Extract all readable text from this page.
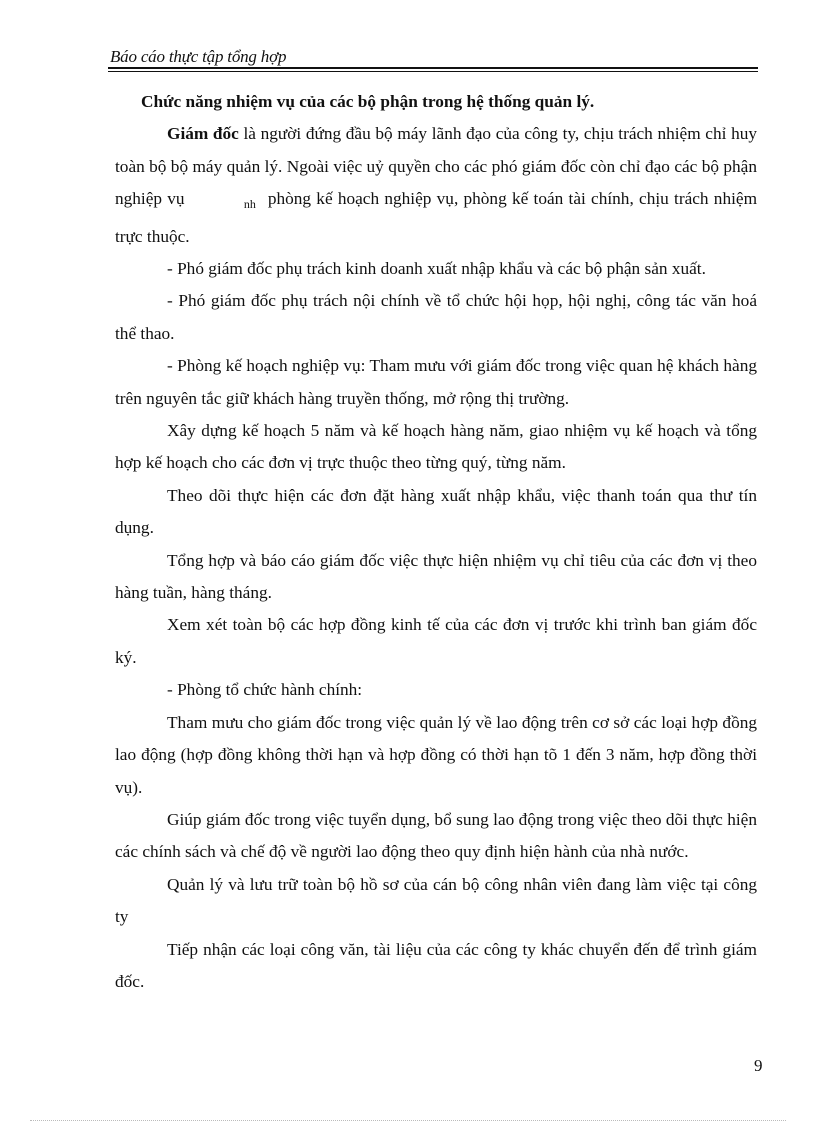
Báo cáo thực tập tổng hợp
Chức năng nhiệm vụ của các bộ phận trong hệ thống quản lý.

Giám đốc là người đứng đầu bộ máy lãnh đạo của công ty, chịu trách nhiệm chỉ huy toàn bộ bộ máy quản lý. Ngoài việc uỷ quyền cho các phó giám đốc còn chỉ đạo các bộ phận nghiệp vụ	nh phòng kế hoạch nghiệp vụ, phòng kế toán tài chính, chịu trách nhiệm trực thuộc.

- Phó giám đốc phụ trách kinh doanh xuất nhập khẩu và các bộ phận sản xuất.

- Phó giám đốc phụ trách nội chính về tổ chức hội họp, hội nghị, công tác văn hoá thể thao.

- Phòng kế hoạch nghiệp vụ: Tham mưu với giám đốc trong việc quan hệ khách hàng trên nguyên tắc giữ khách hàng truyền thống, mở rộng thị trường.

Xây dựng kế hoạch 5 năm và kế hoạch hàng năm, giao nhiệm vụ kế hoạch và tổng hợp kế hoạch cho các đơn vị trực thuộc theo từng quý, từng năm.

Theo dõi thực hiện các đơn đặt hàng xuất nhập khẩu, việc thanh toán qua thư tín dụng.

Tổng hợp và báo cáo giám đốc việc thực hiện nhiệm vụ chỉ tiêu của các đơn vị theo hàng tuần, hàng tháng.

Xem xét toàn bộ các hợp đồng kinh tế của các đơn vị trước khi trình ban giám đốc ký.

- Phòng tổ chức hành chính:

Tham mưu cho giám đốc trong việc quản lý về lao động trên cơ sở các loại hợp đồng lao động (hợp đồng không thời hạn và hợp đồng có thời hạn tõ 1 đến 3 năm, hợp đồng thời vụ).

Giúp giám đốc trong việc tuyển dụng, bổ sung lao động trong việc theo dõi thực hiện các chính sách và chế độ về người lao động theo quy định hiện hành của nhà nước.

Quản lý và lưu trữ toàn bộ hồ sơ của cán bộ công nhân viên đang làm việc tại công ty

Tiếp nhận các loại công văn, tài liệu của các công ty khác chuyển đến để trình giám đốc.

9
